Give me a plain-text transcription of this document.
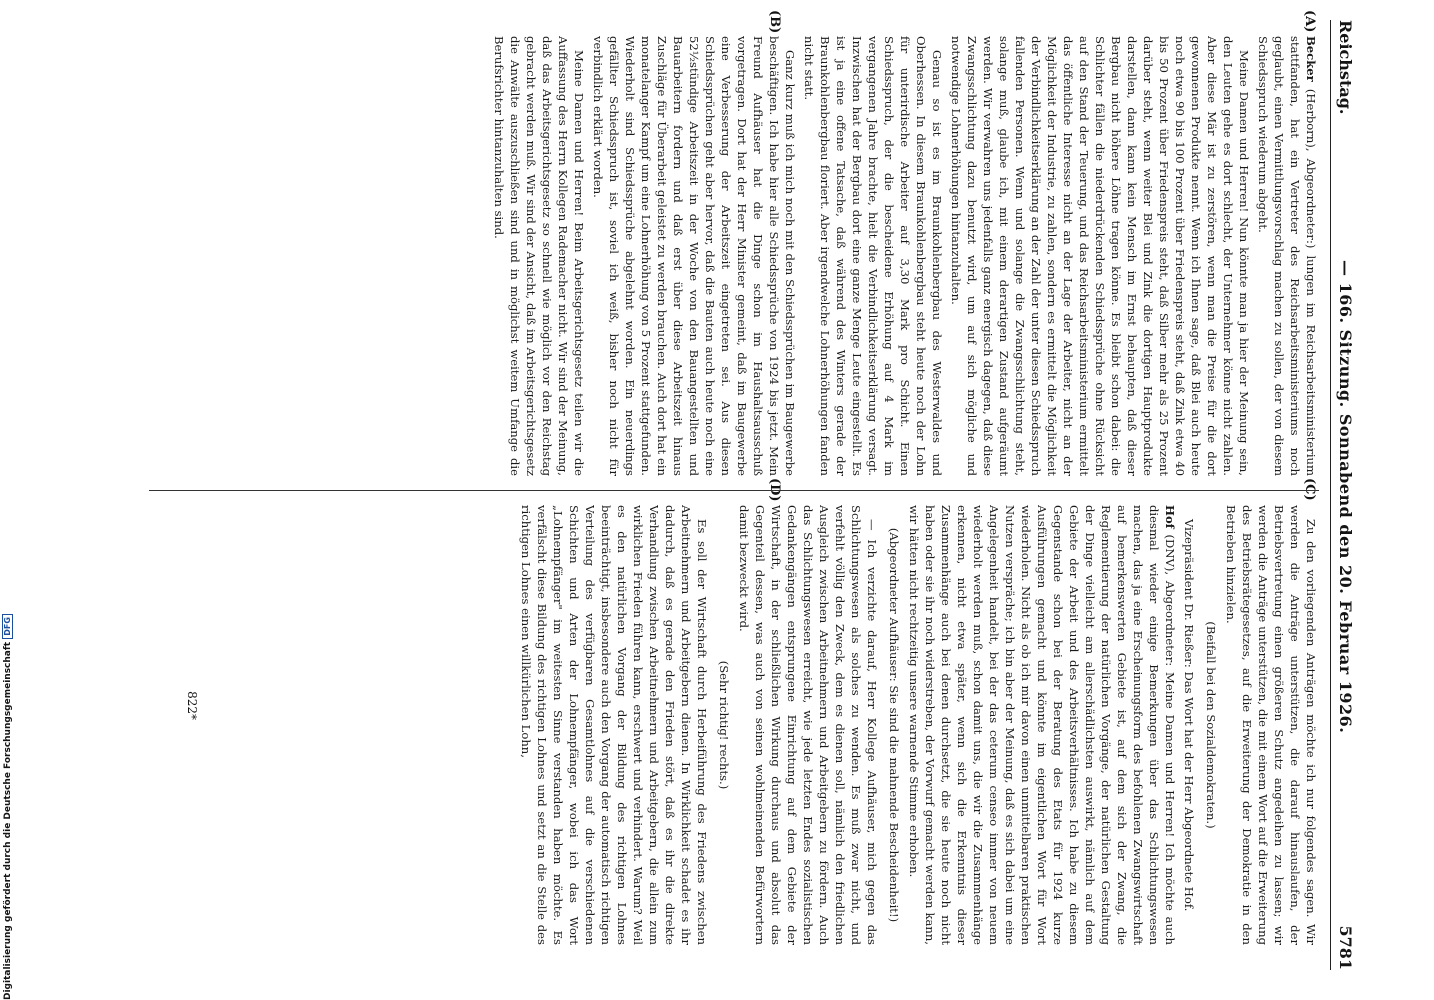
Reichstag.
— 166. Sitzung. Sonnabend den 20. Februar 1926.
5781
(A)
(B)
(C)
(D)

Becker (Herborn), Abgeordneter:) lungen im Reichsarbeitsministerium stattfanden, hat ein Vertreter des Reichsarbeitsministeriums noch geglaubt, einen Vermittlungsvorschlag machen zu sollen, der von diesem Schiedsspruch wiederum abgeht.

Meine Damen und Herren! Nun könnte man ja hier der Meinung sein, den Leuten gehe es dort schlecht, der Unternehmer könne nicht zahlen. Aber diese Mär ist zu zerstören, wenn man die Preise für die dort gewonnenen Produkte nennt. Wenn ich Ihnen sage, daß Blei auch heute noch etwa 90 bis 100 Prozent über Friedenspreis steht, daß Zink etwa 40 bis 50 Prozent über Friedenspreis steht, daß Silber mehr als 25 Prozent darüber steht, wenn weiter Blei und Zink die dortigen Hauptprodukte darstellen, dann kann kein Mensch im Ernst behaupten, daß dieser Bergbau nicht höhere Löhne tragen könne. Es bleibt schon dabei: die Schlichter fällen die niederdrückenden Schiedssprüche ohne Rücksicht auf den Stand der Teuerung, und das Reichsarbeitsministerium ermittelt das öffentliche Interesse nicht an der Lage der Arbeiter, nicht an der Möglichkeit der Industrie, zu zahlen, sondern es ermittelt die Möglichkeit der Verbindlichkeitserklärung an der Zahl der unter diesen Schiedsspruch fallenden Personen. Wenn und solange die Zwangsschlichtung steht, solange muß, glaube ich, mit einem derartigen Zustand aufgeräumt werden. Wir verwahren uns jedenfalls ganz energisch dagegen, daß diese Zwangsschlichtung dazu benutzt wird, um auf sich mögliche und notwendige Lohnerhöhungen hintanzuhalten.

Genau so ist es im Braunkohlenbergbau des Westerwaldes und Oberhessen. In diesem Braunkohlenbergbau steht heute noch der Lohn für unterirdische Arbeiter auf 3,30 Mark pro Schicht. Einen Schiedsspruch, der die bescheidene Erhöhung auf 4 Mark im vergangenen Jahre brachte, hielt die Verbindlichkeitserklärung versagt. Inzwischen hat der Bergbau dort eine ganze Menge Leute eingestellt. Es ist ja eine offene Tatsache, daß während des Winters gerade der Braunkohlenbergbau floriert. Aber irgendwelche Lohnerhöhungen fanden nicht statt.

Ganz kurz muß ich mich noch mit den Schiedssprüchen im Baugewerbe beschäftigen. Ich habe hier alle Schiedssprüche von 1924 bis jetzt. Mein Freund Aufhäuser hat die Dinge schon im Haushaltsausschuß vorgetragen. Dort hat der Herr Minister gemeint, daß im Baugewerbe eine Verbesserung der Arbeitszeit eingetreten sei. Aus diesen Schiedssprüchen geht aber hervor, daß die Bauten auch heute noch eine 52½stündige Arbeitszeit in der Woche von den Bauangestellten und Bauarbeitern fordern und daß erst über diese Arbeitszeit hinaus Zuschläge für Überarbeit geleistet zu werden brauchen. Auch dort hat ein monatelanger Kampf um eine Lohnerhöhung von 5 Prozent stattgefunden. Wiederholt sind Schiedssprüche abgelehnt worden. Ein neuerdings gefällter Schiedsspruch ist, soviel ich weiß, bisher noch nicht für verbindlich erklärt worden.

Meine Damen und Herren! Beim Arbeitsgerichtsgesetz teilen wir die Auffassung des Herrn Kollegen Rademacher nicht. Wir sind der Meinung, daß das Arbeitsgerichtsgesetz so schnell wie möglich vor den Reichstag gebracht werden muß. Wir sind der Ansicht, daß im Arbeitsgerichtsgesetz die Anwälte auszuschließen sind und in möglichst weitem Umfange die Berufsrichter hintanzuhalten sind.

Zu den vorliegenden Anträgen möchte ich nur folgendes sagen. Wir werden die Anträge unterstützen, die darauf hinauslaufen, der Betriebsvertretung einen größeren Schutz angedeihen zu lassen; wir werden die Anträge unterstützen, die mit einem Wort auf die Erweiterung des Betriebsrätegesetzes, auf die Erweiterung der Demokratie in den Betrieben hinzielen.

(Beifall bei den Sozialdemokraten.)

Vizepräsident Dr. Rießer: Das Wort hat der Herr Abgeordnete Hof.

Hof (DNV), Abgeordneter: Meine Damen und Herren! Ich möchte auch diesmal wieder einige Bemerkungen über das Schlichtungswesen machen, das ja eine Erscheinungsform des befohlenen Zwangswirtschaft auf bemerkenswerten Gebiete ist, auf dem sich der Zwang, die Reglementierung der natürlichen Vorgänge, der natürlichen Gestaltung der Dinge vielleicht am allerschädlichsten auswirkt, nämlich auf dem Gebiete der Arbeit und des Arbeitsverhältnisses. Ich habe zu diesem Gegenstande schon bei der Beratung des Etats für 1924 kurze Ausführungen gemacht und könnte im eigentlichen Wort für Wort wiederholen. Nicht als ob ich mir davon einen unmittelbaren praktischen Nutzen verspräche; ich bin aber der Meinung, daß es sich dabei um eine Angelegenheit handelt, bei der das ceterum censeo immer von neuem wiederholt werden muß, schon damit uns, die wir die Zusammenhänge erkennen, nicht etwa später, wenn sich die Erkenntnis dieser Zusammenhänge auch bei denen durchsetzt, die sie heute noch nicht haben oder sie ihr noch widerstreben, der Vorwurf gemacht werden kann, wir hätten nicht rechtzeitig unsere warnende Stimme erhoben.

(Abgeordneter Aufhäuser: Sie sind die mahnende Bescheidenheit!)

— Ich verzichte darauf, Herr Kollege Aufhäuser, mich gegen das Schlichtungswesen als solches zu wenden. Es muß zwar nicht, und verfehlt völlig den Zweck, dem es dienen soll, nämlich den friedlichen Ausgleich zwischen Arbeitnehmern und Arbeitgebern zu fördern. Auch das Schlichtungswesen erreicht, wie jede letzten Endes sozialistischen Gedankengängen entsprungene Einrichtung auf dem Gebiete der Wirtschaft, in der schließlichen Wirkung durchaus und absolut das Gegenteil dessen, was auch von seinen wohlmeinenden Befürwortern damit bezweckt wird.

(Sehr richtig! rechts.)

Es soll der Wirtschaft durch Herbeiführung des Friedens zwischen Arbeitnehmern und Arbeitgebern dienen. In Wirklichkeit schadet es ihr dadurch, daß es gerade den Frieden stört, daß es ihr die direkte Verhandlung zwischen Arbeitnehmern und Arbeitgebern, die allein zum wirklichen Frieden führen kann, erschwert und verhindert. Warum? Weil es den natürlichen Vorgang der Bildung des richtigen Lohnes beeinträchtigt, insbesondere auch den Vorgang der automatisch richtigen Verteilung des verfügbaren Gesamtlohnes auf die verschiedenen Schichten und Arten der Lohnempfänger, wobei ich das Wort „Lohnempfänger" im weitesten Sinne verstanden haben möchte. Es verfälscht diese Bildung des richtigen Lohnes und setzt an die Stelle des richtigen Lohnes einen willkürlichen Lohn,

822*
Digitalisierung gefördert durch die Deutsche Forschungsgemeinschaft DFG
